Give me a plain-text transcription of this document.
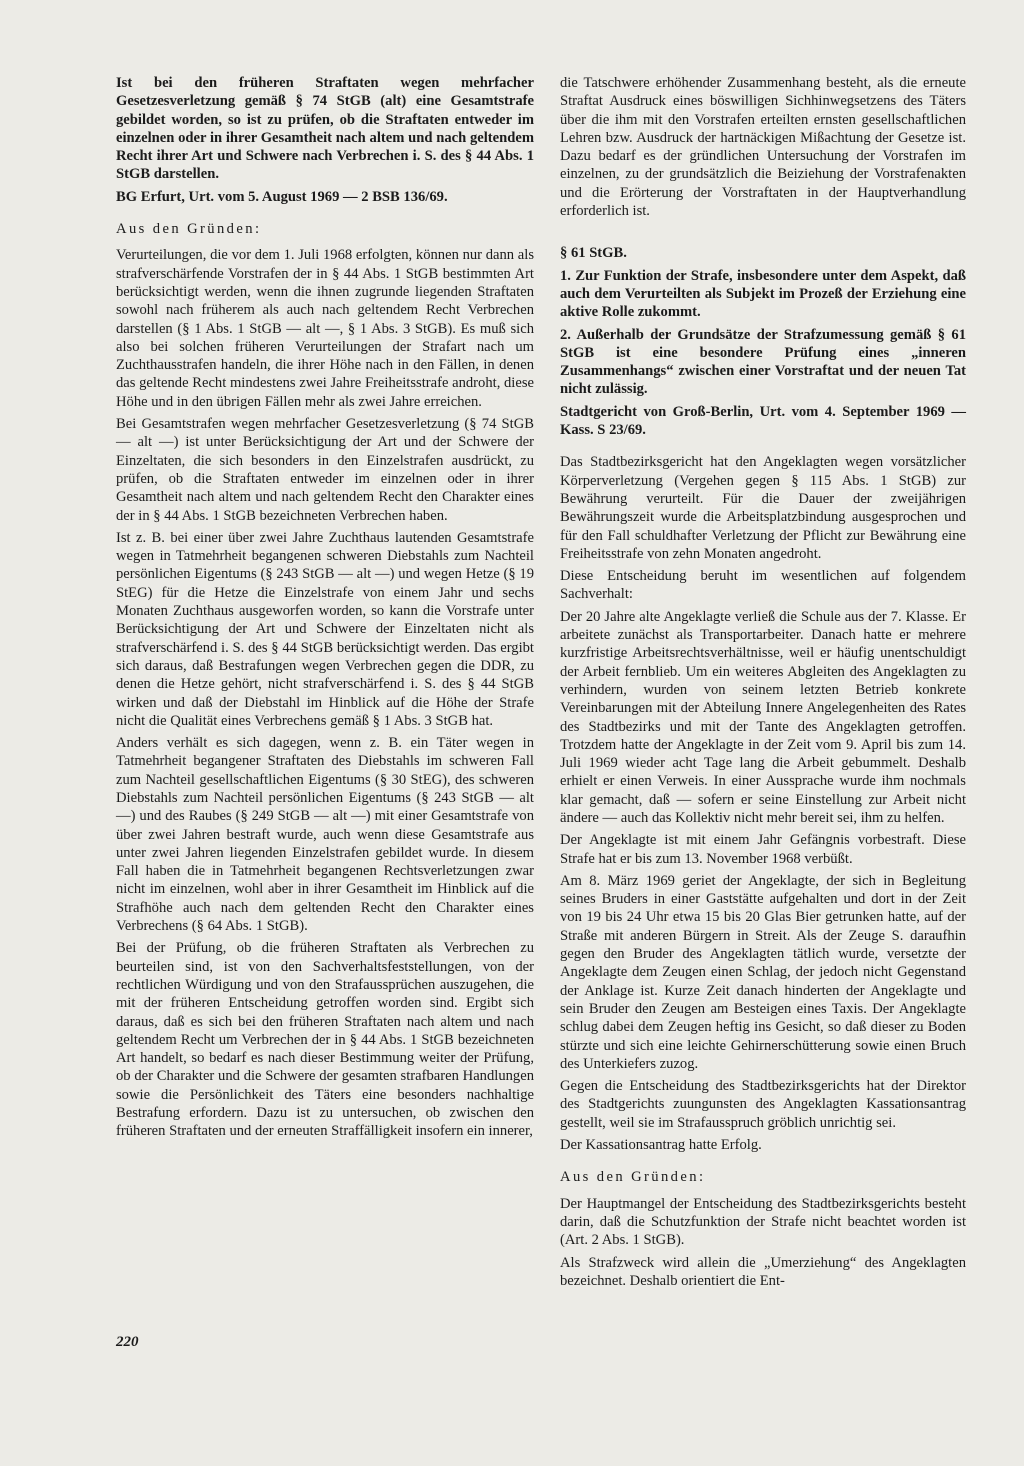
Ist bei den früheren Straftaten wegen mehrfacher Gesetzesverletzung gemäß § 74 StGB (alt) eine Gesamtstrafe gebildet worden, so ist zu prüfen, ob die Straftaten entweder im einzelnen oder in ihrer Gesamtheit nach altem und nach geltendem Recht ihrer Art und Schwere nach Verbrechen i. S. des § 44 Abs. 1 StGB darstellen.

BG Erfurt, Urt. vom 5. August 1969 — 2 BSB 136/69.

Aus den Gründen:

Verurteilungen, die vor dem 1. Juli 1968 erfolgten, können nur dann als strafverschärfende Vorstrafen der in § 44 Abs. 1 StGB bestimmten Art berücksichtigt werden, wenn die ihnen zugrunde liegenden Straftaten sowohl nach früherem als auch nach geltendem Recht Verbrechen darstellen (§ 1 Abs. 1 StGB — alt —, § 1 Abs. 3 StGB). Es muß sich also bei solchen früheren Verurteilungen der Strafart nach um Zuchthausstrafen handeln, die ihrer Höhe nach in den Fällen, in denen das geltende Recht mindestens zwei Jahre Freiheitsstrafe androht, diese Höhe und in den übrigen Fällen mehr als zwei Jahre erreichen.

Bei Gesamtstrafen wegen mehrfacher Gesetzesverletzung (§ 74 StGB — alt —) ist unter Berücksichtigung der Art und der Schwere der Einzeltaten, die sich besonders in den Einzelstrafen ausdrückt, zu prüfen, ob die Straftaten entweder im einzelnen oder in ihrer Gesamtheit nach altem und nach geltendem Recht den Charakter eines der in § 44 Abs. 1 StGB bezeichneten Verbrechen haben.

Ist z. B. bei einer über zwei Jahre Zuchthaus lautenden Gesamtstrafe wegen in Tatmehrheit begangenen schweren Diebstahls zum Nachteil persönlichen Eigentums (§ 243 StGB — alt —) und wegen Hetze (§ 19 StEG) für die Hetze die Einzelstrafe von einem Jahr und sechs Monaten Zuchthaus ausgeworfen worden, so kann die Vorstrafe unter Berücksichtigung der Art und Schwere der Einzeltaten nicht als strafverschärfend i. S. des § 44 StGB berücksichtigt werden. Das ergibt sich daraus, daß Bestrafungen wegen Verbrechen gegen die DDR, zu denen die Hetze gehört, nicht strafverschärfend i. S. des § 44 StGB wirken und daß der Diebstahl im Hinblick auf die Höhe der Strafe nicht die Qualität eines Verbrechens gemäß § 1 Abs. 3 StGB hat.

Anders verhält es sich dagegen, wenn z. B. ein Täter wegen in Tatmehrheit begangener Straftaten des Diebstahls im schweren Fall zum Nachteil gesellschaftlichen Eigentums (§ 30 StEG), des schweren Diebstahls zum Nachteil persönlichen Eigentums (§ 243 StGB — alt —) und des Raubes (§ 249 StGB — alt —) mit einer Gesamtstrafe von über zwei Jahren bestraft wurde, auch wenn diese Gesamtstrafe aus unter zwei Jahren liegenden Einzelstrafen gebildet wurde. In diesem Fall haben die in Tatmehrheit begangenen Rechtsverletzungen zwar nicht im einzelnen, wohl aber in ihrer Gesamtheit im Hinblick auf die Strafhöhe auch nach dem geltenden Recht den Charakter eines Verbrechens (§ 64 Abs. 1 StGB).

Bei der Prüfung, ob die früheren Straftaten als Verbrechen zu beurteilen sind, ist von den Sachverhaltsfeststellungen, von der rechtlichen Würdigung und von den Strafaussprüchen auszugehen, die mit der früheren Entscheidung getroffen worden sind. Ergibt sich daraus, daß es sich bei den früheren Straftaten nach altem und nach geltendem Recht um Verbrechen der in § 44 Abs. 1 StGB bezeichneten Art handelt, so bedarf es nach dieser Bestimmung weiter der Prüfung, ob der Charakter und die Schwere der gesamten strafbaren Handlungen sowie die Persönlichkeit des Täters eine besonders nachhaltige Bestrafung erfordern. Dazu ist zu untersuchen, ob zwischen den früheren Straftaten und der erneuten Straffälligkeit insofern ein innerer,

die Tatschwere erhöhender Zusammenhang besteht, als die erneute Straftat Ausdruck eines böswilligen Sichhinwegsetzens des Täters über die ihm mit den Vorstrafen erteilten ernsten gesellschaftlichen Lehren bzw. Ausdruck der hartnäckigen Mißachtung der Gesetze ist. Dazu bedarf es der gründlichen Untersuchung der Vorstrafen im einzelnen, zu der grundsätzlich die Beiziehung der Vorstrafenakten und die Erörterung der Vorstraftaten in der Hauptverhandlung erforderlich ist.

§ 61 StGB.

1. Zur Funktion der Strafe, insbesondere unter dem Aspekt, daß auch dem Verurteilten als Subjekt im Prozeß der Erziehung eine aktive Rolle zukommt.

2. Außerhalb der Grundsätze der Strafzumessung gemäß § 61 StGB ist eine besondere Prüfung eines „inneren Zusammenhangs“ zwischen einer Vorstraftat und der neuen Tat nicht zulässig.

Stadtgericht von Groß-Berlin, Urt. vom 4. September 1969 — Kass. S 23/69.

Das Stadtbezirksgericht hat den Angeklagten wegen vorsätzlicher Körperverletzung (Vergehen gegen § 115 Abs. 1 StGB) zur Bewährung verurteilt. Für die Dauer der zweijährigen Bewährungszeit wurde die Arbeitsplatzbindung ausgesprochen und für den Fall schuldhafter Verletzung der Pflicht zur Bewährung eine Freiheitsstrafe von zehn Monaten angedroht.

Diese Entscheidung beruht im wesentlichen auf folgendem Sachverhalt:

Der 20 Jahre alte Angeklagte verließ die Schule aus der 7. Klasse. Er arbeitete zunächst als Transportarbeiter. Danach hatte er mehrere kurzfristige Arbeitsrechtsverhältnisse, weil er häufig unentschuldigt der Arbeit fernblieb. Um ein weiteres Abgleiten des Angeklagten zu verhindern, wurden von seinem letzten Betrieb konkrete Vereinbarungen mit der Abteilung Innere Angelegenheiten des Rates des Stadtbezirks und mit der Tante des Angeklagten getroffen. Trotzdem hatte der Angeklagte in der Zeit vom 9. April bis zum 14. Juli 1969 wieder acht Tage lang die Arbeit gebummelt. Deshalb erhielt er einen Verweis. In einer Aussprache wurde ihm nochmals klar gemacht, daß — sofern er seine Einstellung zur Arbeit nicht ändere — auch das Kollektiv nicht mehr bereit sei, ihm zu helfen.

Der Angeklagte ist mit einem Jahr Gefängnis vorbestraft. Diese Strafe hat er bis zum 13. November 1968 verbüßt.

Am 8. März 1969 geriet der Angeklagte, der sich in Begleitung seines Bruders in einer Gaststätte aufgehalten und dort in der Zeit von 19 bis 24 Uhr etwa 15 bis 20 Glas Bier getrunken hatte, auf der Straße mit anderen Bürgern in Streit. Als der Zeuge S. daraufhin gegen den Bruder des Angeklagten tätlich wurde, versetzte der Angeklagte dem Zeugen einen Schlag, der jedoch nicht Gegenstand der Anklage ist. Kurze Zeit danach hinderten der Angeklagte und sein Bruder den Zeugen am Besteigen eines Taxis. Der Angeklagte schlug dabei dem Zeugen heftig ins Gesicht, so daß dieser zu Boden stürzte und sich eine leichte Gehirnerschütterung sowie einen Bruch des Unterkiefers zuzog.

Gegen die Entscheidung des Stadtbezirksgerichts hat der Direktor des Stadtgerichts zuungunsten des Angeklagten Kassationsantrag gestellt, weil sie im Strafausspruch gröblich unrichtig sei.

Der Kassationsantrag hatte Erfolg.

Aus den Gründen:

Der Hauptmangel der Entscheidung des Stadtbezirksgerichts besteht darin, daß die Schutzfunktion der Strafe nicht beachtet worden ist (Art. 2 Abs. 1 StGB).

Als Strafzweck wird allein die „Umerziehung“ des Angeklagten bezeichnet. Deshalb orientiert die Ent-

220
